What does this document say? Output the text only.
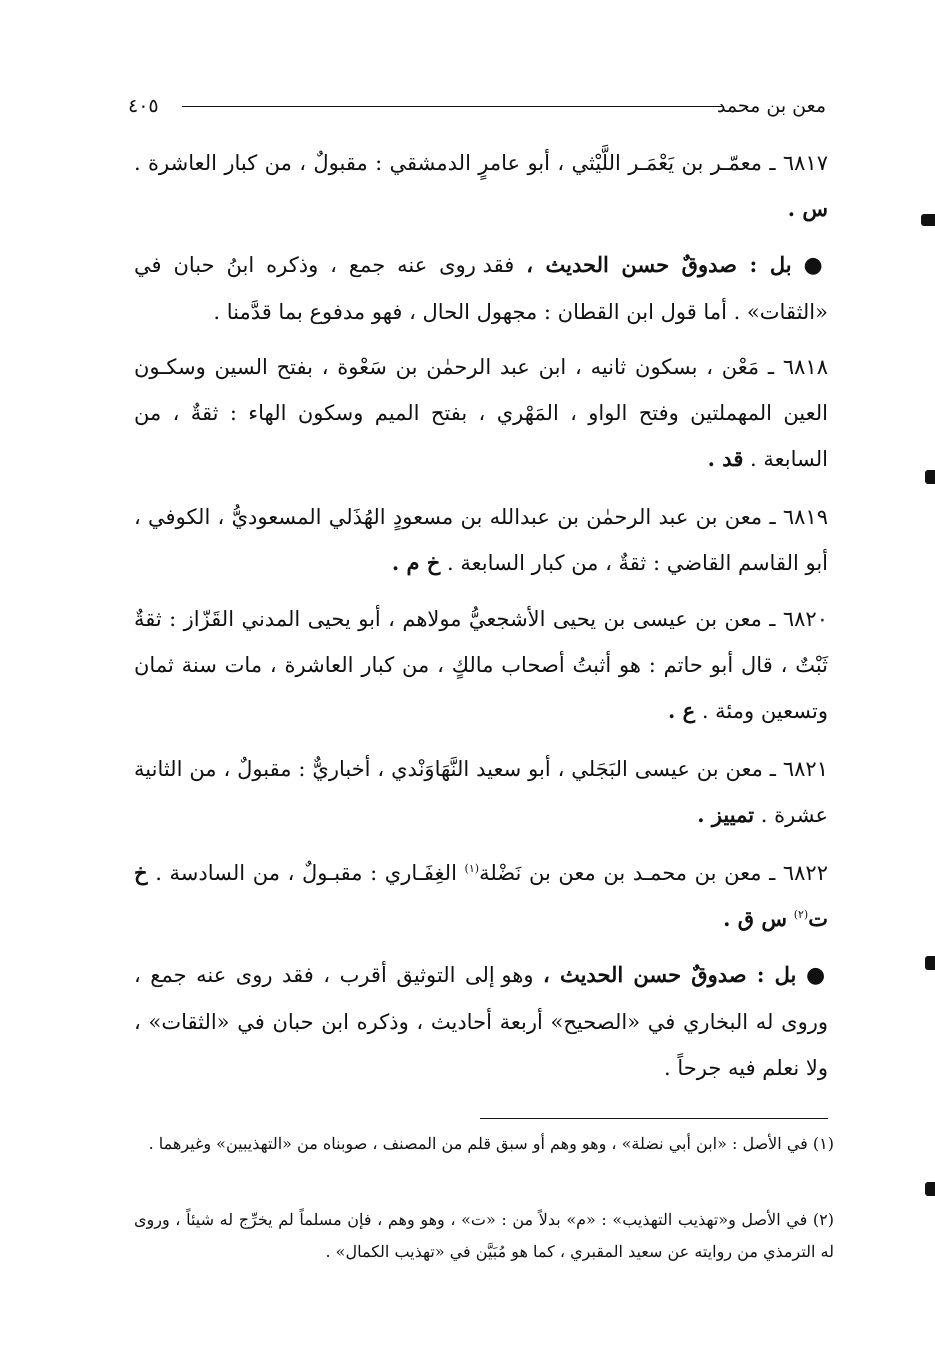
معن بن محمد
٤٠٥
٦٨١٧ ـ معمّـر بن يَعْمَـر اللَّيْثي ، أبو عامرٍ الدمشقي : مقبولٌ ، من كبار العاشرة . س .
● بل : صدوقٌ حسن الحديث ، فقد روى عنه جمع ، وذكره ابنُ حبان في «الثقات» . أما قول ابن القطان : مجهول الحال ، فهو مدفوع بما قدَّمنا .
٦٨١٨ ـ مَعْن ، بسكون ثانيه ، ابن عبد الرحمٰن بن سَعْوة ، بفتح السين وسكـون العين المهملتين وفتح الواو ، المَهْري ، بفتح الميم وسكون الهاء : ثقةٌ ، من السابعة . قد .
٦٨١٩ ـ معن بن عبد الرحمٰن بن عبدالله بن مسعودٍ الهُذَلي المسعوديُّ ، الكوفي ، أبو القاسم القاضي : ثقةٌ ، من كبار السابعة . خ م .
٦٨٢٠ ـ معن بن عيسى بن يحيى الأشجعيُّ مولاهم ، أبو يحيى المدني القَزّاز : ثقةٌ ثَبْتٌ ، قال أبو حاتم : هو أثبتُ أصحاب مالكٍ ، من كبار العاشرة ، مات سنة ثمان وتسعين ومئة . ع .
٦٨٢١ ـ معن بن عيسى البَجَلي ، أبو سعيد النَّهَاوَنْدي ، أخباريٌّ : مقبولٌ ، من الثانية عشرة . تمييز .
٦٨٢٢ ـ معن بن محمـد بن معن بن نَضْلة$^{(١)}$ الغِفَـاري : مقبـولٌ ، من السادسة . خ ت$^{(٢)}$ س ق .
● بل : صدوقٌ حسن الحديث ، وهو إلى التوثيق أقرب ، فقد روى عنه جمع ، وروى له البخاري في «الصحيح» أربعة أحاديث ، وذكره ابن حبان في «الثقات» ، ولا نعلم فيه جرحاً .
(١) في الأصل : «ابن أبي نضلة» ، وهو وهم أو سبق قلم من المصنف ، صوبناه من «التهذيبين» وغيرهما .
(٢) في الأصل و«تهذيب التهذيب» : «م» بدلاً من : «ت» ، وهو وهم ، فإن مسلماً لم يخرِّج له شيئاً ، وروى له الترمذي من روايته عن سعيد المقبري ، كما هو مُبَيَّن في «تهذيب الكمال» .
